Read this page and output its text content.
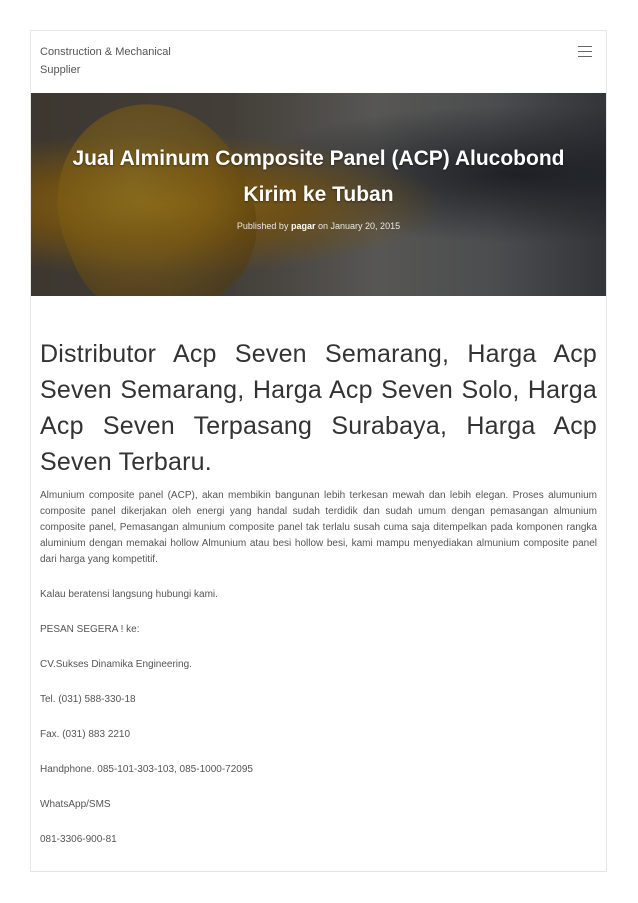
Construction & Mechanical Supplier
Jual Alminum Composite Panel (ACP) Alucobond Kirim ke Tuban
Published by pagar on January 20, 2015
Distributor Acp Seven Semarang, Harga Acp Seven Semarang, Harga Acp Seven Solo, Harga Acp Seven Terpasang Surabaya, Harga Acp Seven Terbaru.

Almunium composite panel (ACP), akan membikin bangunan lebih terkesan mewah dan lebih elegan. Proses alumunium composite panel dikerjakan oleh energi yang handal sudah terdidik dan sudah umum dengan pemasangan almunium composite panel, Pemasangan almunium composite panel tak terlalu susah cuma saja ditempelkan pada komponen rangka aluminium dengan memakai hollow Almunium atau besi hollow besi, kami mampu menyediakan almunium composite panel dari harga yang kompetitif.

Kalau beratensi langsung hubungi kami.

PESAN SEGERA ! ke:

CV.Sukses Dinamika Engineering.

Tel. (031) 588-330-18

Fax. (031) 883 2210

Handphone. 085-101-303-103, 085-1000-72095

WhatsApp/SMS

081-3306-900-81
